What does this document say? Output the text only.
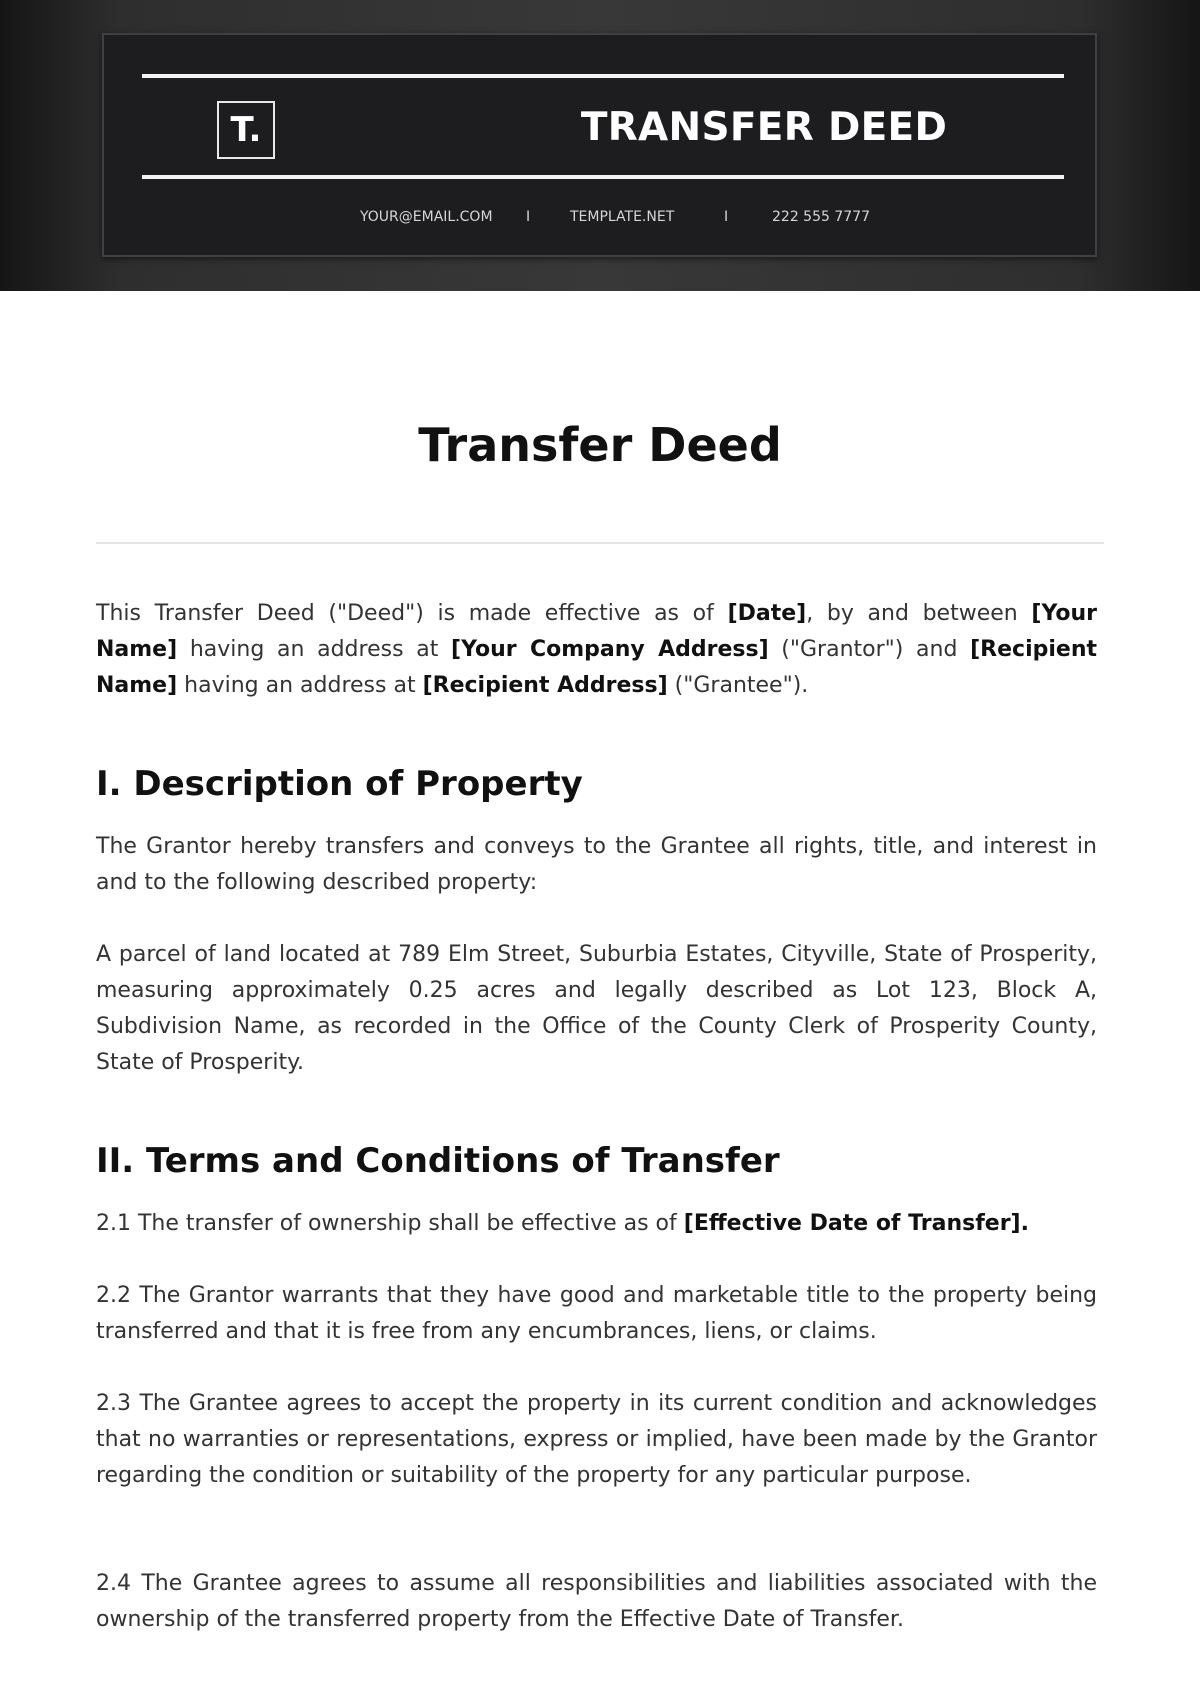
T.	TRANSFER DEED
YOUR@EMAIL.COM I	TEMPLATE.NET	I	222 555 7777
Transfer Deed

This Transfer Deed ("Deed") is made effective as of [Date], by and between [Your Name] having an address at [Your Company Address] ("Grantor") and [Recipient Name] having an address at [Recipient Address] ("Grantee").

I. Description of Property

The Grantor hereby transfers and conveys to the Grantee all rights, title, and interest in and to the following described property:

A parcel of land located at 789 Elm Street, Suburbia Estates, Cityville, State of Prosperity, measuring approximately 0.25 acres and legally described as Lot 123, Block A, Subdivision Name, as recorded in the Office of the County Clerk of Prosperity County, State of Prosperity.

II. Terms and Conditions of Transfer

2.1 The transfer of ownership shall be effective as of [Effective Date of Transfer].

2.2 The Grantor warrants that they have good and marketable title to the property being transferred and that it is free from any encumbrances, liens, or claims.

2.3 The Grantee agrees to accept the property in its current condition and acknowledges that no warranties or representations, express or implied, have been made by the Grantor regarding the condition or suitability of the property for any particular purpose.

2.4 The Grantee agrees to assume all responsibilities and liabilities associated with the ownership of the transferred property from the Effective Date of Transfer.
